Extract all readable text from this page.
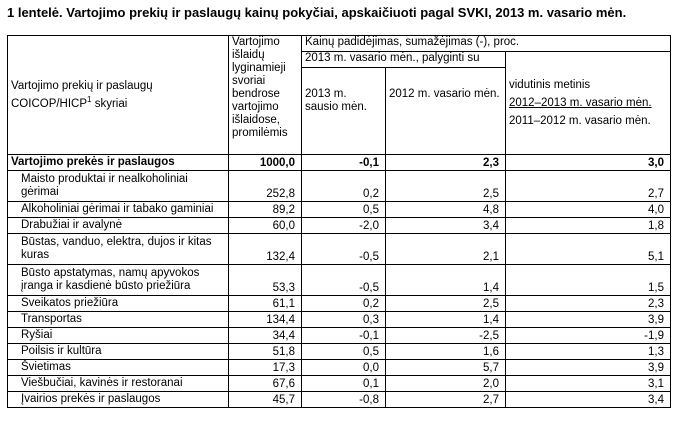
1 lentelė. Vartojimo prekių ir paslaugų kainų pokyčiai, apskaičiuoti pagal SVKI, 2013 m. vasario mėn.
Vartojimo prekių ir paslaugų COICOP/HICP$^1$ skyriai	Vartojimo išlaidų lyginamieji svoriai bendrose vartojimo išlaidose, promilėmis	Kainų padidėjimas, sumažėjimas (-), proc.		
		2013 m. vasario mėn., palyginti su		vidutinis metinis
2012–2013 m. vasario mėn.
2011–2012 m. vasario mėn.

		2013 m. sausio mėn.	2012 m. vasario mėn.	
Vartojimo prekės ir paslaugos	1000,0	-0,1	2,3	3,0
Maisto produktai ir nealkoholiniai gėrimai	252,8	0,2	2,5	2,7
Alkoholiniai gėrimai ir tabako gaminiai	89,2	0,5	4,8	4,0
Drabužiai ir avalynė	60,0	-2,0	3,4	1,8
Būstas, vanduo, elektra, dujos ir kitas kuras	132,4	-0,5	2,1	5,1
Būsto apstatymas, namų apyvokos įranga ir kasdienė būsto priežiūra	53,3	-0,5	1,4	1,5
Sveikatos priežiūra	61,1	0,2	2,5	2,3
Transportas	134,4	0,3	1,4	3,9
Ryšiai	34,4	-0,1	-2,5	-1,9
Poilsis ir kultūra	51,8	0,5	1,6	1,3
Švietimas	17,3	0,0	5,7	3,9
Viešbučiai, kavinės ir restoranai	67,6	0,1	2,0	3,1
Įvairios prekės ir paslaugos	45,7	-0,8	2,7	3,4
